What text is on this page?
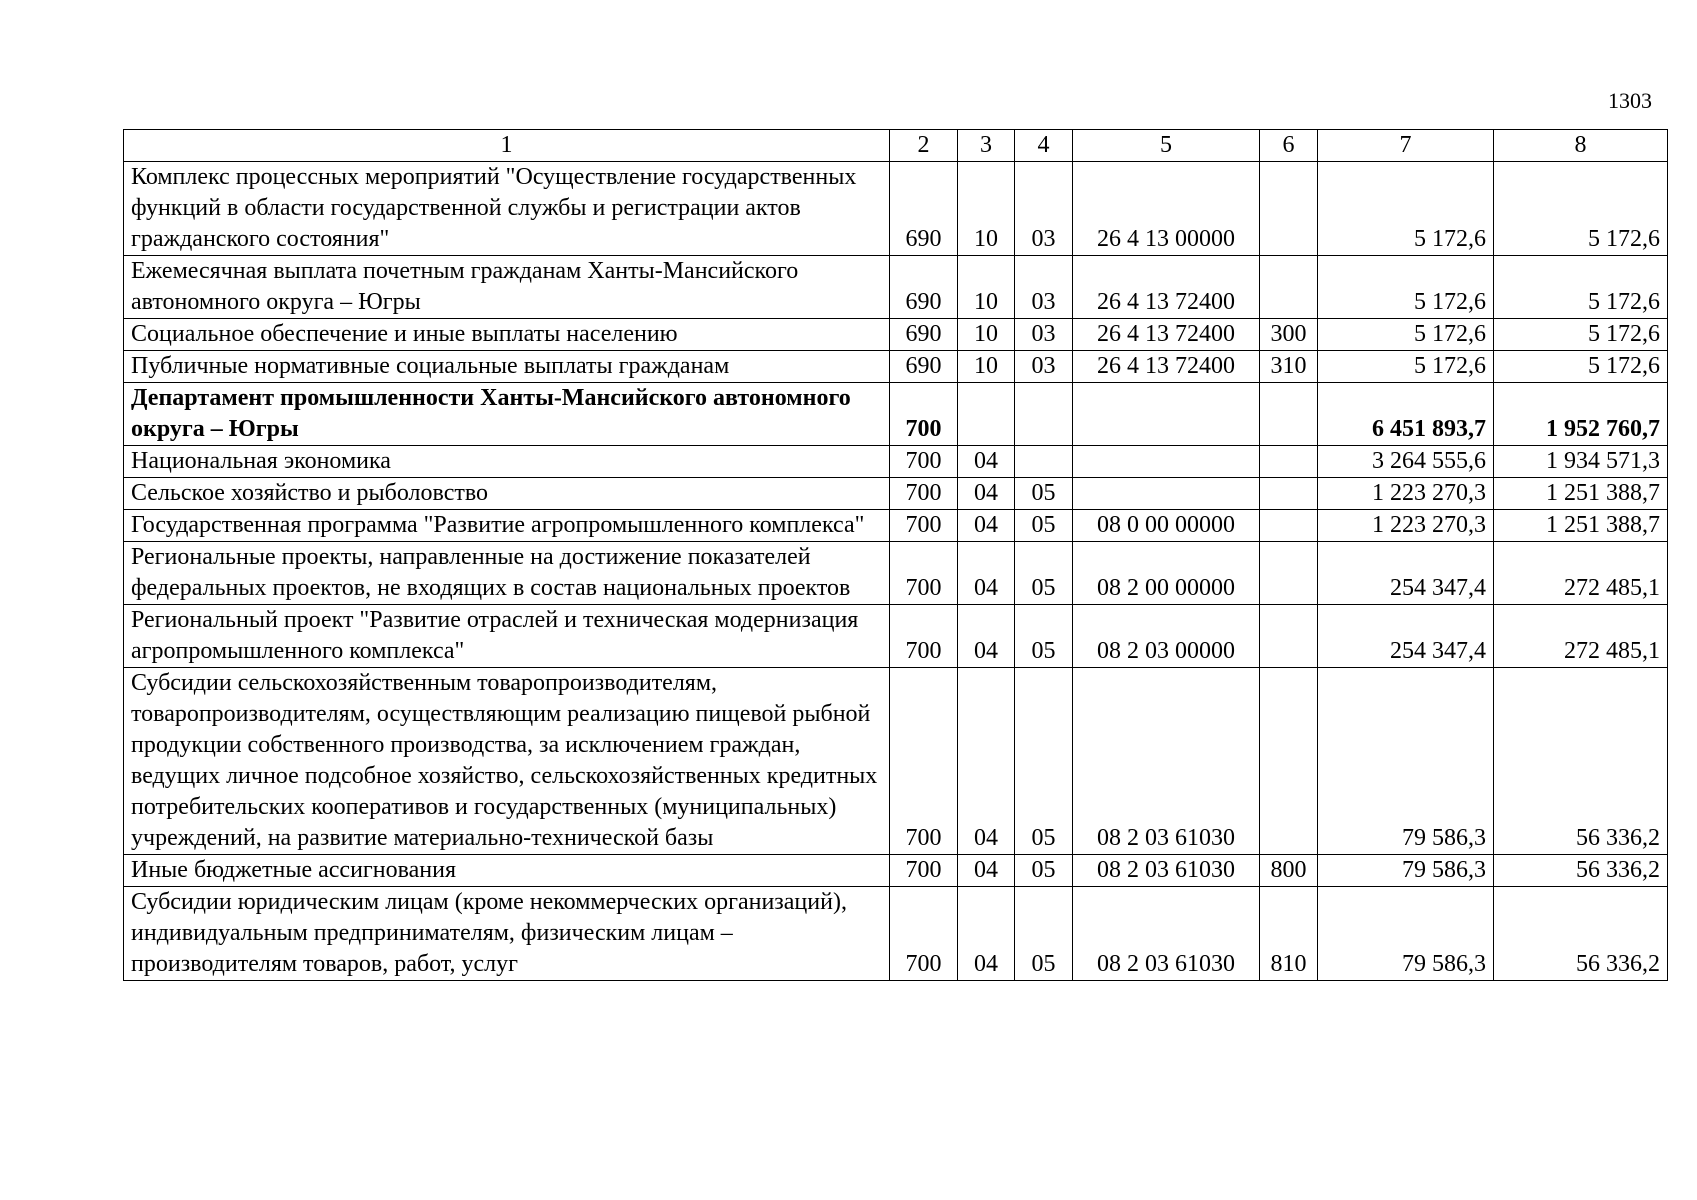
1303
1	2	3	4	5	6	7	8
Комплекс процессных мероприятий "Осуществление государственных функций в области государственной службы и регистрации актов гражданского состояния"	690	10	03	26 4 13 00000		5 172,6	5 172,6
Ежемесячная выплата почетным гражданам Ханты-Мансийского автономного округа – Югры	690	10	03	26 4 13 72400		5 172,6	5 172,6
Социальное обеспечение и иные выплаты населению	690	10	03	26 4 13 72400	300	5 172,6	5 172,6
Публичные нормативные социальные выплаты гражданам	690	10	03	26 4 13 72400	310	5 172,6	5 172,6
Департамент промышленности Ханты-Мансийского автономного округа – Югры	700					6 451 893,7	1 952 760,7
Национальная экономика	700	04				3 264 555,6	1 934 571,3
Сельское хозяйство и рыболовство	700	04	05			1 223 270,3	1 251 388,7
Государственная программа "Развитие агропромышленного комплекса"	700	04	05	08 0 00 00000		1 223 270,3	1 251 388,7
Региональные проекты, направленные на достижение показателей федеральных проектов, не входящих в состав национальных проектов	700	04	05	08 2 00 00000		254 347,4	272 485,1
Региональный проект "Развитие отраслей и техническая модернизация агропромышленного комплекса"	700	04	05	08 2 03 00000		254 347,4	272 485,1
Субсидии сельскохозяйственным товаропроизводителям, товаропроизводителям, осуществляющим реализацию пищевой рыбной продукции собственного производства, за исключением граждан, ведущих личное подсобное хозяйство, сельскохозяйственных кредитных потребительских кооперативов и государственных (муниципальных) учреждений, на развитие материально-технической базы	700	04	05	08 2 03 61030		79 586,3	56 336,2
Иные бюджетные ассигнования	700	04	05	08 2 03 61030	800	79 586,3	56 336,2
Субсидии юридическим лицам (кроме некоммерческих организаций), индивидуальным предпринимателям, физическим лицам – производителям товаров, работ, услуг	700	04	05	08 2 03 61030	810	79 586,3	56 336,2
